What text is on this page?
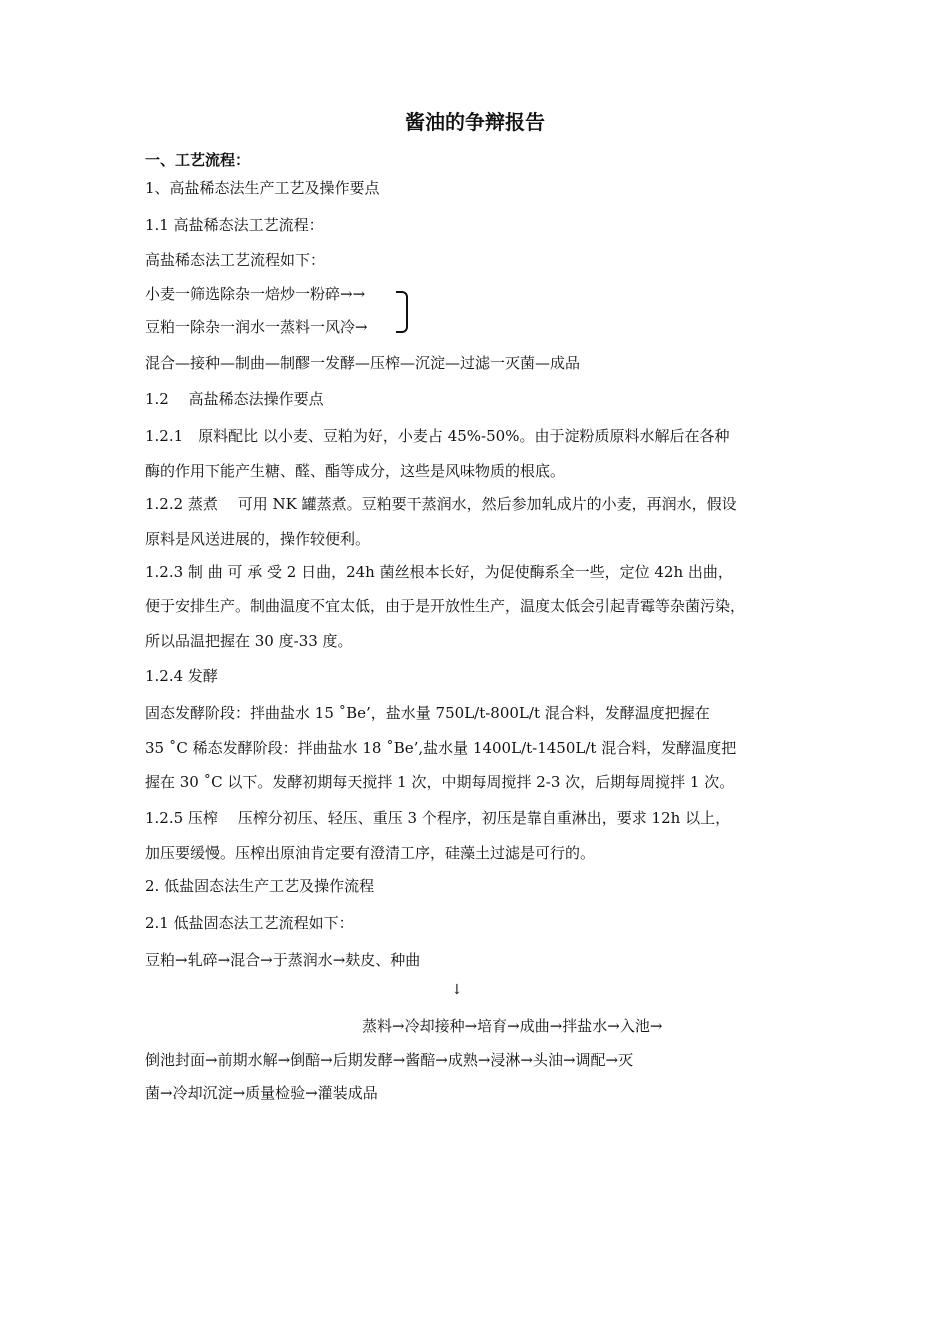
酱油的争辩报告
一、工艺流程：
1、高盐稀态法生产工艺及操作要点
1.1 高盐稀态法工艺流程：
高盐稀态法工艺流程如下：
小麦一筛选除杂一焙炒一粉碎→→
豆粕一除杂一润水一蒸料一风冷→
混合—接种—制曲—制醪一发酵—压榨—沉淀—过滤一灭菌—成品
1.2　 高盐稀态法操作要点
1.2.1　原料配比 以小麦、豆粕为好，小麦占 45%-50%。由于淀粉质原料水解后在各种
酶的作用下能产生糖、醛、酯等成分，这些是风味物质的根底。
1.2.2 蒸煮　 可用 NK 罐蒸煮。豆粕要干蒸润水，然后参加轧成片的小麦，再润水，假设
原料是风送进展的，操作较便利。
1.2.3 制 曲 可 承 受 2 日曲，24h 菌丝根本长好，为促使酶系全一些，定位 42h 出曲，
便于安排生产。制曲温度不宜太低，由于是开放性生产，温度太低会引起青霉等杂菌污染，
所以品温把握在 30 度-33 度。
1.2.4 发酵
固态发酵阶段：拌曲盐水 15 ˚Be’，盐水量 750L/t-800L/t 混合料，发酵温度把握在
35 ˚C 稀态发酵阶段：拌曲盐水 18 ˚Be’,盐水量 1400L/t-1450L/t 混合料，发酵温度把
握在 30 ˚C 以下。发酵初期每天搅拌 1 次，中期每周搅拌 2-3 次，后期每周搅拌 1 次。
1.2.5 压榨　 压榨分初压、轻压、重压 3 个程序，初压是靠自重淋出，要求 12h 以上，
加压要缓慢。压榨出原油肯定要有澄清工序，硅藻土过滤是可行的。
2. 低盐固态法生产工艺及操作流程
2.1 低盐固态法工艺流程如下：
豆粕→轧碎→混合→于蒸润水→麸皮、种曲
↓
蒸料→冷却接种→培育→成曲→拌盐水→入池→
倒池封面→前期水解→倒醅→后期发酵→酱醅→成熟→浸淋→头油→调配→灭
菌→冷却沉淀→质量检验→灌装成品
